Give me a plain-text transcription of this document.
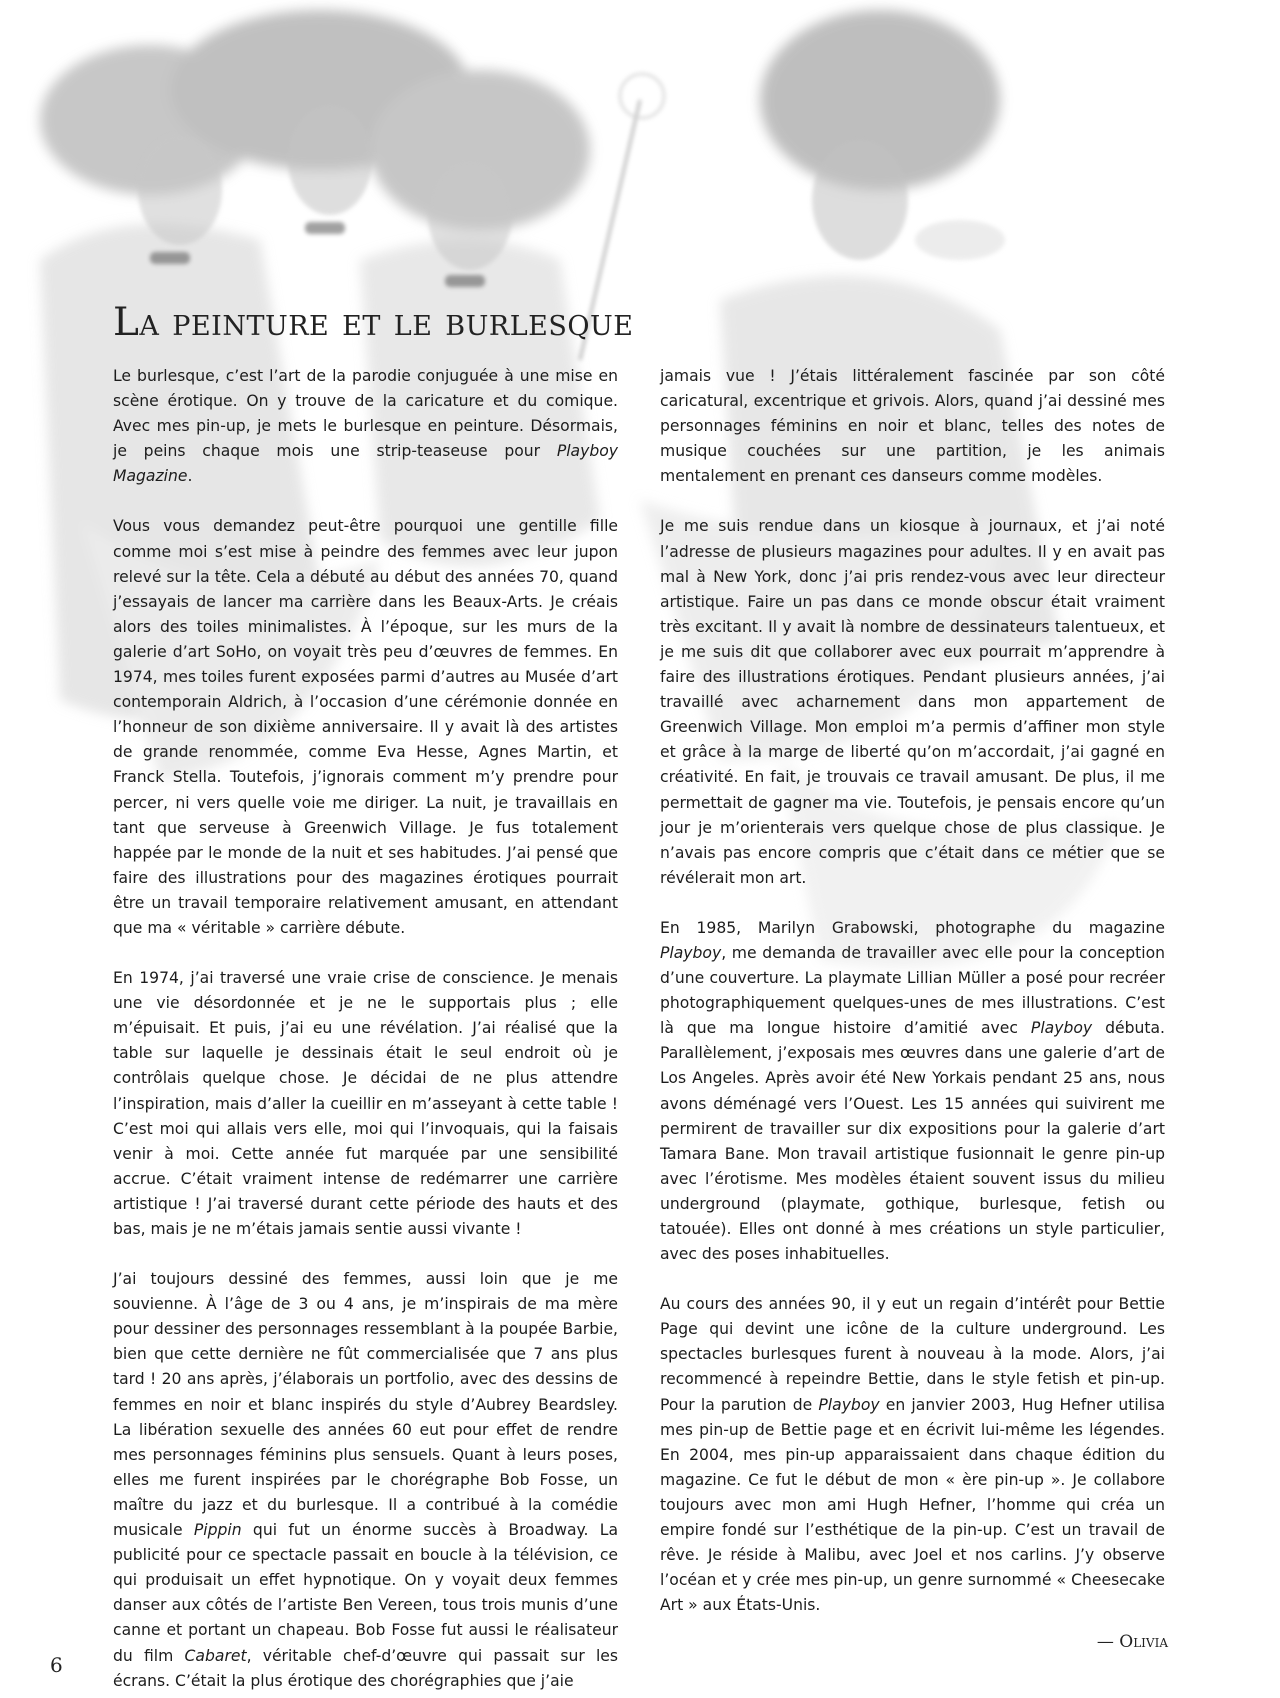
La peinture et le burlesque

Le burlesque, c’est l’art de la parodie conjuguée à une mise en scène érotique. On y trouve de la caricature et du comique. Avec mes pin-up, je mets le burlesque en peinture. Désormais, je peins chaque mois une strip-teaseuse pour Playboy Magazine.

Vous vous demandez peut-être pourquoi une gentille fille comme moi s’est mise à peindre des femmes avec leur jupon relevé sur la tête. Cela a débuté au début des années 70, quand j’essayais de lancer ma carrière dans les Beaux-Arts. Je créais alors des toiles minimalistes. À l’époque, sur les murs de la galerie d’art SoHo, on voyait très peu d’œuvres de femmes. En 1974, mes toiles furent exposées parmi d’autres au Musée d’art contemporain Aldrich, à l’occasion d’une cérémonie donnée en l’honneur de son dixième anniversaire. Il y avait là des artistes de grande renommée, comme Eva Hesse, Agnes Martin, et Franck Stella. Toutefois, j’ignorais comment m’y prendre pour percer, ni vers quelle voie me diriger. La nuit, je travaillais en tant que serveuse à Greenwich Village. Je fus totalement happée par le monde de la nuit et ses habitudes. J’ai pensé que faire des illustrations pour des magazines érotiques pourrait être un travail temporaire relativement amusant, en attendant que ma « véritable » carrière débute.

En 1974, j’ai traversé une vraie crise de conscience. Je menais une vie désordonnée et je ne le supportais plus ; elle m’épuisait. Et puis, j’ai eu une révélation. J’ai réalisé que la table sur laquelle je dessinais était le seul endroit où je contrôlais quelque chose. Je décidai de ne plus attendre l’inspiration, mais d’aller la cueillir en m’asseyant à cette table ! C’est moi qui allais vers elle, moi qui l’invoquais, qui la faisais venir à moi. Cette année fut marquée par une sensibilité accrue. C’était vraiment intense de redémarrer une carrière artistique ! J’ai traversé durant cette période des hauts et des bas, mais je ne m’étais jamais sentie aussi vivante !

J’ai toujours dessiné des femmes, aussi loin que je me souvienne. À l’âge de 3 ou 4 ans, je m’inspirais de ma mère pour dessiner des personnages ressemblant à la poupée Barbie, bien que cette dernière ne fût commercialisée que 7 ans plus tard ! 20 ans après, j’élaborais un portfolio, avec des dessins de femmes en noir et blanc inspirés du style d’Aubrey Beardsley. La libération sexuelle des années 60 eut pour effet de rendre mes personnages féminins plus sensuels. Quant à leurs poses, elles me furent inspirées par le chorégraphe Bob Fosse, un maître du jazz et du burlesque. Il a contribué à la comédie musicale Pippin qui fut un énorme succès à Broadway. La publicité pour ce spectacle passait en boucle à la télévision, ce qui produisait un effet hypnotique. On y voyait deux femmes danser aux côtés de l’artiste Ben Vereen, tous trois munis d’une canne et portant un chapeau. Bob Fosse fut aussi le réalisateur du film Cabaret, véritable chef-d’œuvre qui passait sur les écrans. C’était la plus érotique des chorégraphies que j’aie

jamais vue ! J’étais littéralement fascinée par son côté caricatural, excentrique et grivois. Alors, quand j’ai dessiné mes personnages féminins en noir et blanc, telles des notes de musique couchées sur une partition, je les animais mentalement en prenant ces danseurs comme modèles.

Je me suis rendue dans un kiosque à journaux, et j’ai noté l’adresse de plusieurs magazines pour adultes. Il y en avait pas mal à New York, donc j’ai pris rendez-vous avec leur directeur artistique. Faire un pas dans ce monde obscur était vraiment très excitant. Il y avait là nombre de dessinateurs talentueux, et je me suis dit que collaborer avec eux pourrait m’apprendre à faire des illustrations érotiques. Pendant plusieurs années, j’ai travaillé avec acharnement dans mon appartement de Greenwich Village. Mon emploi m’a permis d’affiner mon style et grâce à la marge de liberté qu’on m’accordait, j’ai gagné en créativité. En fait, je trouvais ce travail amusant. De plus, il me permettait de gagner ma vie. Toutefois, je pensais encore qu’un jour je m’orienterais vers quelque chose de plus classique. Je n’avais pas encore compris que c’était dans ce métier que se révélerait mon art.

En 1985, Marilyn Grabowski, photographe du magazine Playboy, me demanda de travailler avec elle pour la conception d’une couverture. La playmate Lillian Müller a posé pour recréer photographiquement quelques-unes de mes illustrations. C’est là que ma longue histoire d’amitié avec Playboy débuta. Parallèlement, j’exposais mes œuvres dans une galerie d’art de Los Angeles. Après avoir été New Yorkais pendant 25 ans, nous avons déménagé vers l’Ouest. Les 15 années qui suivirent me permirent de travailler sur dix expositions pour la galerie d’art Tamara Bane. Mon travail artistique fusionnait le genre pin-up avec l’érotisme. Mes modèles étaient souvent issus du milieu underground (playmate, gothique, burlesque, fetish ou tatouée). Elles ont donné à mes créations un style particulier, avec des poses inhabituelles.

Au cours des années 90, il y eut un regain d’intérêt pour Bettie Page qui devint une icône de la culture underground. Les spectacles burlesques furent à nouveau à la mode. Alors, j’ai recommencé à repeindre Bettie, dans le style fetish et pin-up. Pour la parution de Playboy en janvier 2003, Hug Hefner utilisa mes pin-up de Bettie page et en écrivit lui-même les légendes. En 2004, mes pin-up apparaissaient dans chaque édition du magazine. Ce fut le début de mon « ère pin-up ». Je collabore toujours avec mon ami Hugh Hefner, l’homme qui créa un empire fondé sur l’esthétique de la pin-up. C’est un travail de rêve. Je réside à Malibu, avec Joel et nos carlins. J’y observe l’océan et y crée mes pin-up, un genre surnommé « Cheesecake Art » aux États-Unis.

— Olivia
6
